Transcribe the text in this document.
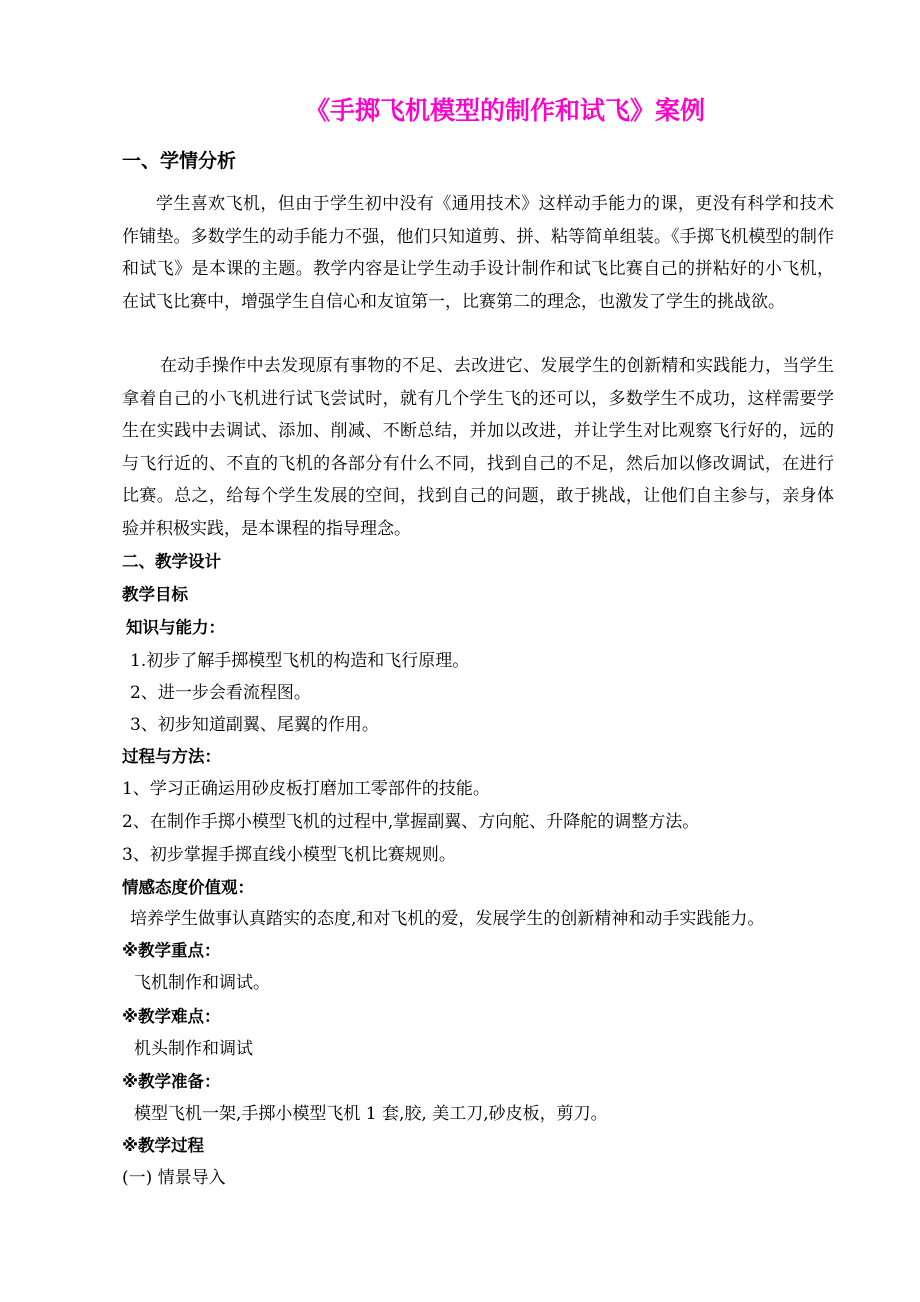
《手掷飞机模型的制作和试飞》案例
一、学情分析
学生喜欢飞机，但由于学生初中没有《通用技术》这样动手能力的课，更没有科学和技术作铺垫。多数学生的动手能力不强，他们只知道剪、拼、粘等简单组装。《手掷飞机模型的制作和试飞》是本课的主题。教学内容是让学生动手设计制作和试飞比赛自己的拼粘好的小飞机，在试飞比赛中，增强学生自信心和友谊第一，比赛第二的理念，也激发了学生的挑战欲。
在动手操作中去发现原有事物的不足、去改进它、发展学生的创新精和实践能力，当学生拿着自己的小飞机进行试飞尝试时，就有几个学生飞的还可以，多数学生不成功，这样需要学生在实践中去调试、添加、削减、不断总结，并加以改进，并让学生对比观察飞行好的，远的与飞行近的、不直的飞机的各部分有什么不同，找到自己的不足，然后加以修改调试，在进行比赛。总之，给每个学生发展的空间，找到自己的问题，敢于挑战，让他们自主参与，亲身体验并积极实践，是本课程的指导理念。
二、教学设计
教学目标
知识与能力：
1.初步了解手掷模型飞机的构造和飞行原理。
2、进一步会看流程图。
3、初步知道副翼、尾翼的作用。
过程与方法：
1、学习正确运用砂皮板打磨加工零部件的技能。
2、在制作手掷小模型飞机的过程中,掌握副翼、方向舵、升降舵的调整方法。
3、初步掌握手掷直线小模型飞机比赛规则。
情感态度价值观：
培养学生做事认真踏实的态度,和对飞机的爱，发展学生的创新精神和动手实践能力。
※教学重点：
飞机制作和调试。
※教学难点：
机头制作和调试
※教学准备：
模型飞机一架,手掷小模型飞机 1 套,胶, 美工刀,砂皮板，剪刀。
※教学过程
(一) 情景导入
